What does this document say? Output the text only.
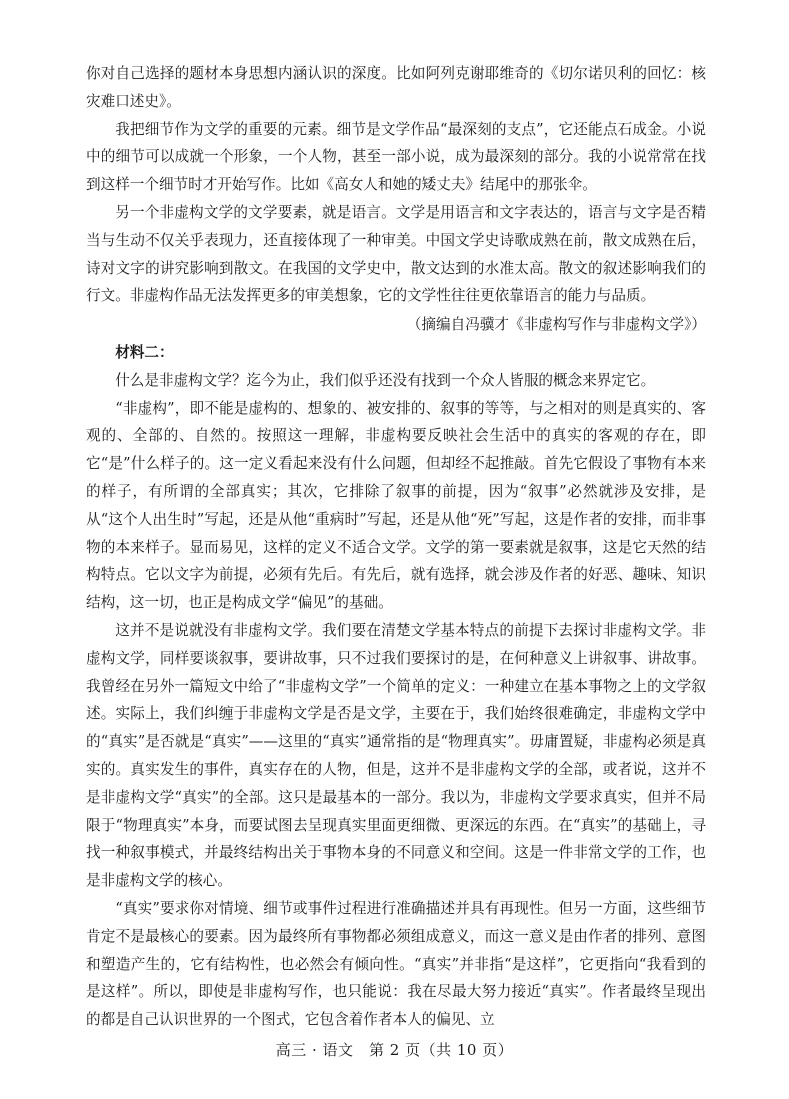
你对自己选择的题材本身思想内涵认识的深度。比如阿列克谢耶维奇的《切尔诺贝利的回忆：核灾难口述史》。

我把细节作为文学的重要的元素。细节是文学作品“最深刻的支点”，它还能点石成金。小说中的细节可以成就一个形象，一个人物，甚至一部小说，成为最深刻的部分。我的小说常常在找到这样一个细节时才开始写作。比如《高女人和她的矮丈夫》结尾中的那张伞。

另一个非虚构文学的文学要素，就是语言。文学是用语言和文字表达的，语言与文字是否精当与生动不仅关乎表现力，还直接体现了一种审美。中国文学史诗歌成熟在前，散文成熟在后，诗对文字的讲究影响到散文。在我国的文学史中，散文达到的水准太高。散文的叙述影响我们的行文。非虚构作品无法发挥更多的审美想象，它的文学性往往更依靠语言的能力与品质。

（摘编自冯骥才《非虚构写作与非虚构文学》）

材料二：

什么是非虚构文学？迄今为止，我们似乎还没有找到一个众人皆服的概念来界定它。

“非虚构”，即不能是虚构的、想象的、被安排的、叙事的等等，与之相对的则是真实的、客观的、全部的、自然的。按照这一理解，非虚构要反映社会生活中的真实的客观的存在，即它“是”什么样子的。这一定义看起来没有什么问题，但却经不起推敲。首先它假设了事物有本来的样子，有所谓的全部真实；其次，它排除了叙事的前提，因为“叙事”必然就涉及安排，是从“这个人出生时”写起，还是从他“重病时”写起，还是从他“死”写起，这是作者的安排，而非事物的本来样子。显而易见，这样的定义不适合文学。文学的第一要素就是叙事，这是它天然的结构特点。它以文字为前提，必须有先后。有先后，就有选择，就会涉及作者的好恶、趣味、知识结构，这一切，也正是构成文学“偏见”的基础。

这并不是说就没有非虚构文学。我们要在清楚文学基本特点的前提下去探讨非虚构文学。非虚构文学，同样要谈叙事，要讲故事，只不过我们要探讨的是，在何种意义上讲叙事、讲故事。我曾经在另外一篇短文中给了“非虚构文学”一个简单的定义：一种建立在基本事物之上的文学叙述。实际上，我们纠缠于非虚构文学是否是文学，主要在于，我们始终很难确定，非虚构文学中的“真实”是否就是“真实”——这里的“真实”通常指的是“物理真实”。毋庸置疑，非虚构必须是真实的。真实发生的事件，真实存在的人物，但是，这并不是非虚构文学的全部，或者说，这并不是非虚构文学“真实”的全部。这只是最基本的一部分。我以为，非虚构文学要求真实，但并不局限于“物理真实”本身，而要试图去呈现真实里面更细微、更深远的东西。在“真实”的基础上，寻找一种叙事模式，并最终结构出关于事物本身的不同意义和空间。这是一件非常文学的工作，也是非虚构文学的核心。

“真实”要求你对情境、细节或事件过程进行准确描述并具有再现性。但另一方面，这些细节肯定不是最核心的要素。因为最终所有事物都必须组成意义，而这一意义是由作者的排列、意图和塑造产生的，它有结构性，也必然会有倾向性。“真实”并非指“是这样”，它更指向“我看到的是这样”。所以，即使是非虚构写作，也只能说：我在尽最大努力接近“真实”。作者最终呈现出的都是自己认识世界的一个图式，它包含着作者本人的偏见、立

高三 · 语文　第 2 页（共 10 页）
